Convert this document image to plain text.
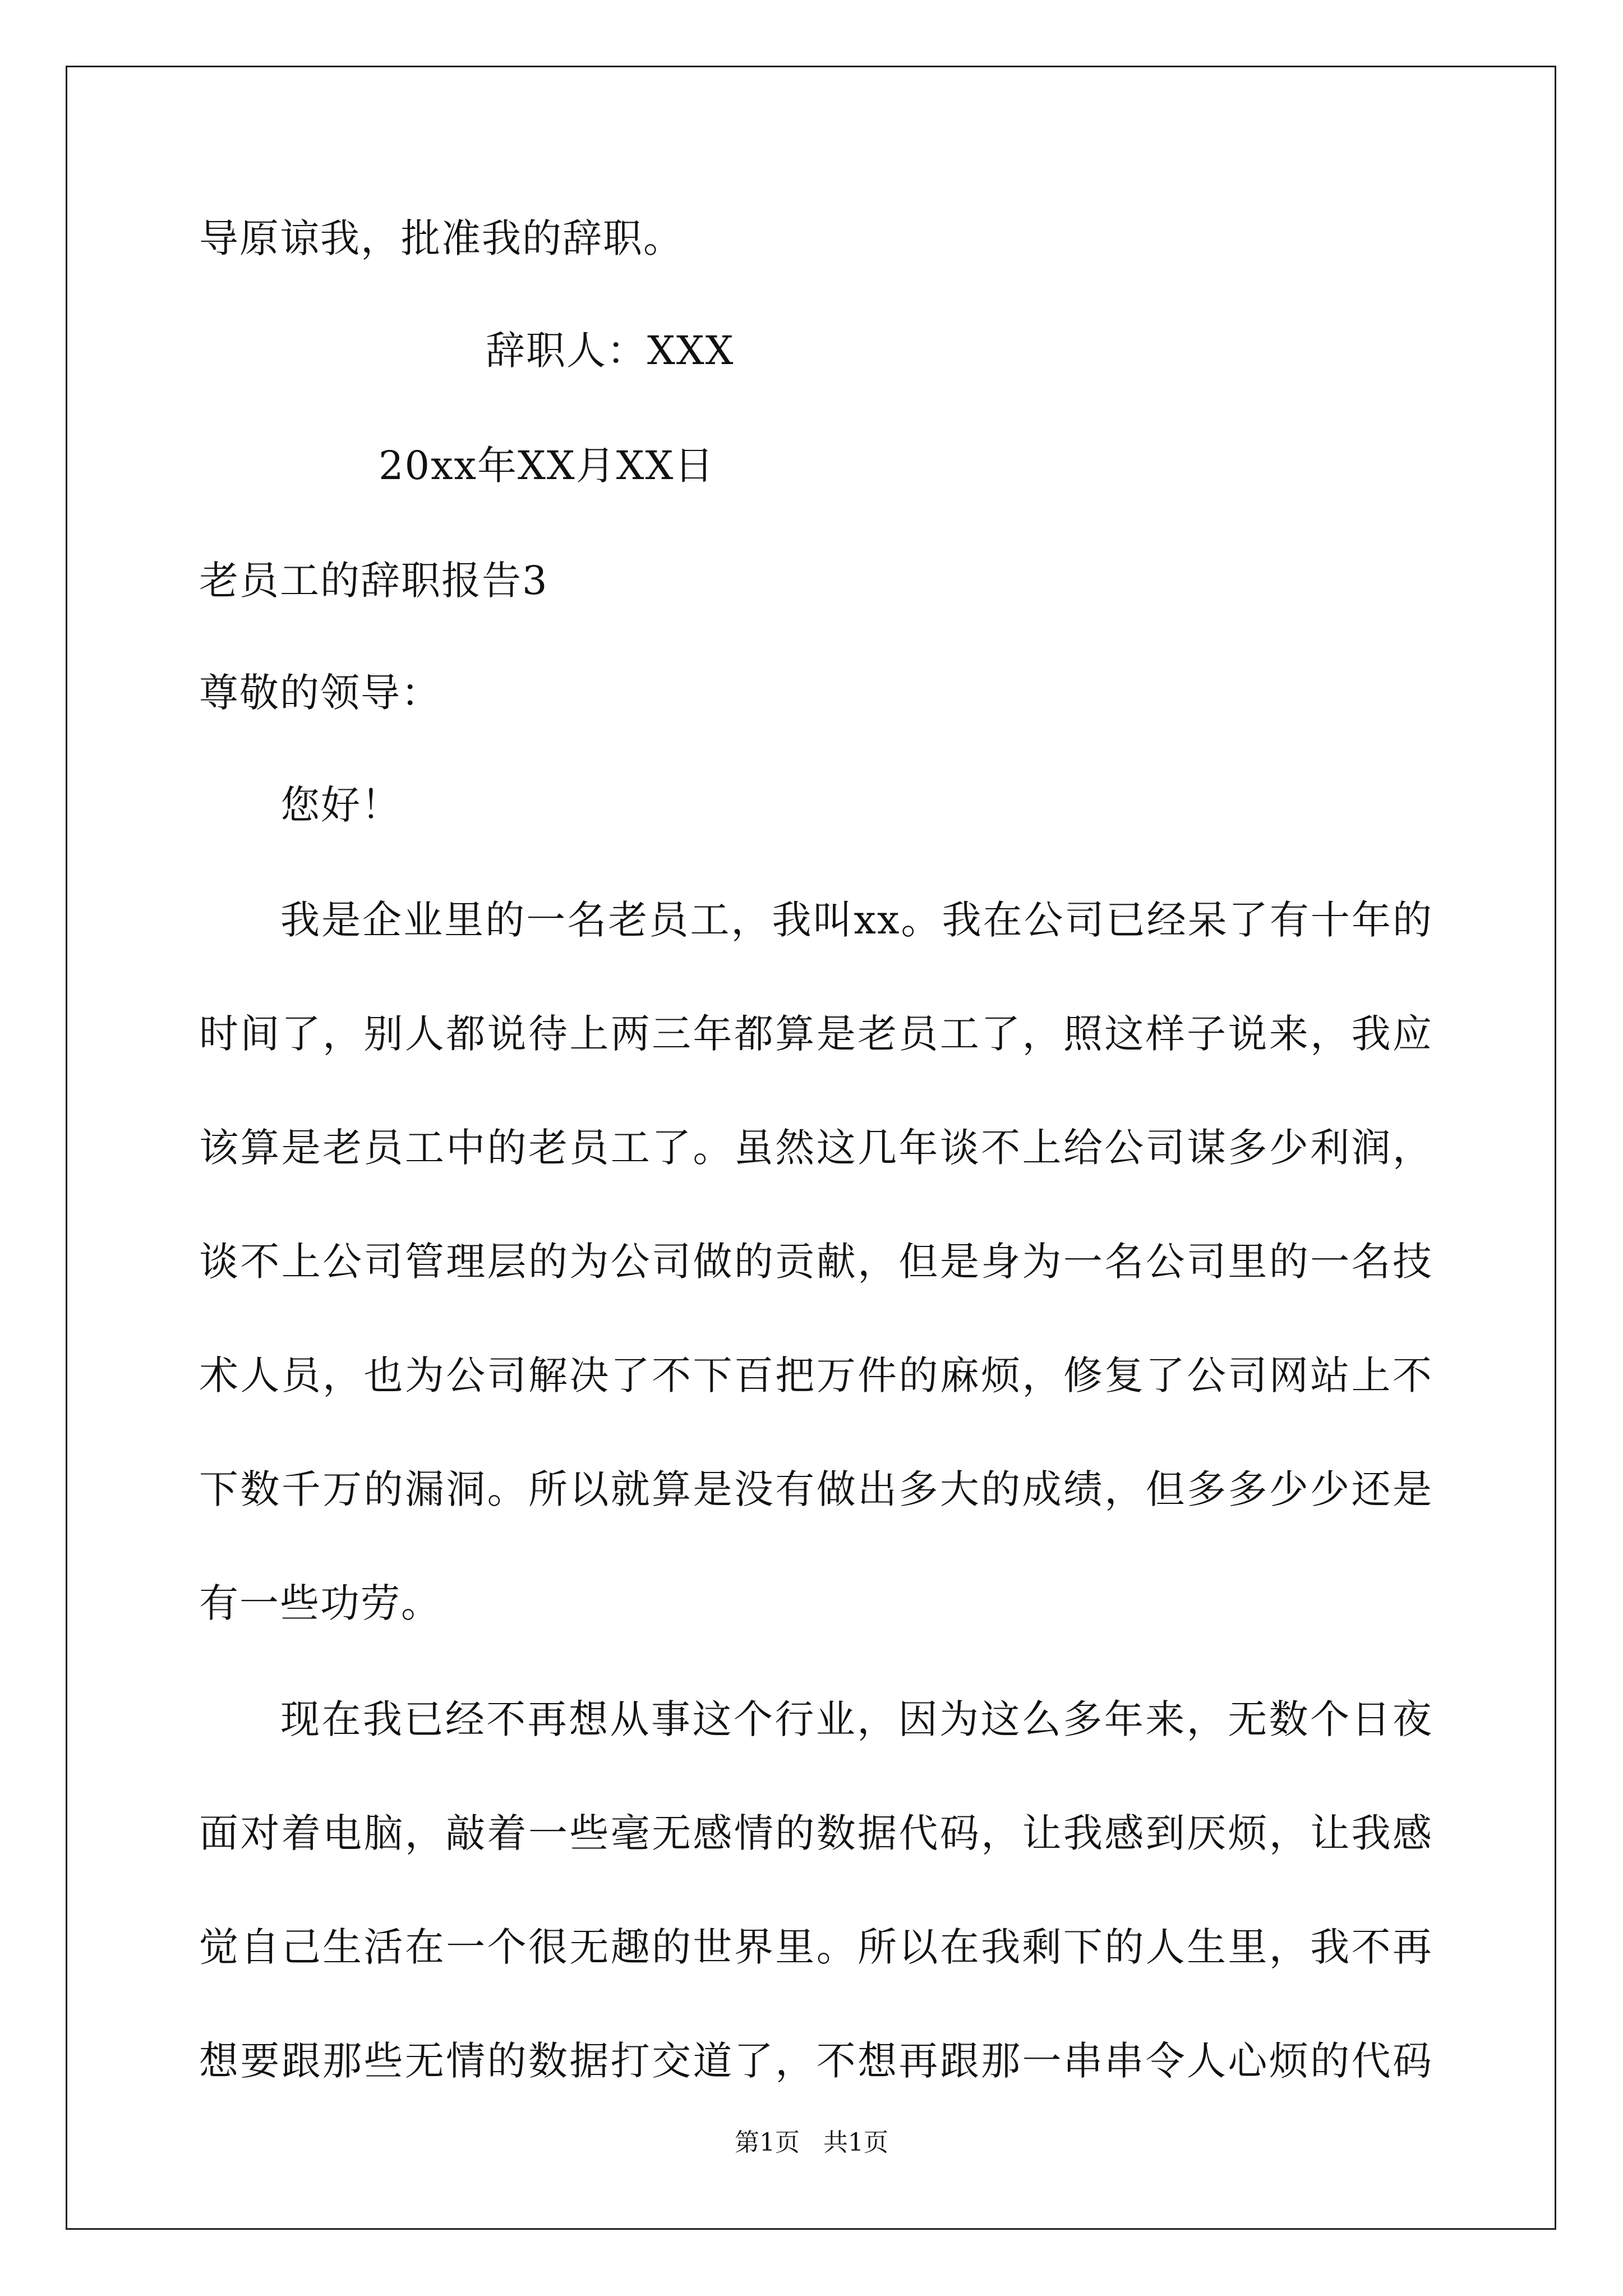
导原谅我，批准我的辞职。
辞职人：XXX
20xx年XX月XX日
老员工的辞职报告3
尊敬的领导：
您好！
我是企业里的一名老员工，我叫xx。我在公司已经呆了有十年的
时间了，别人都说待上两三年都算是老员工了，照这样子说来，我应
该算是老员工中的老员工了。虽然这几年谈不上给公司谋多少利润，
谈不上公司管理层的为公司做的贡献，但是身为一名公司里的一名技
术人员，也为公司解决了不下百把万件的麻烦，修复了公司网站上不
下数千万的漏洞。所以就算是没有做出多大的成绩，但多多少少还是
有一些功劳。
现在我已经不再想从事这个行业，因为这么多年来，无数个日夜
面对着电脑，敲着一些毫无感情的数据代码，让我感到厌烦，让我感
觉自己生活在一个很无趣的世界里。所以在我剩下的人生里，我不再
想要跟那些无情的数据打交道了，不想再跟那一串串令人心烦的代码
第1页 共1页
